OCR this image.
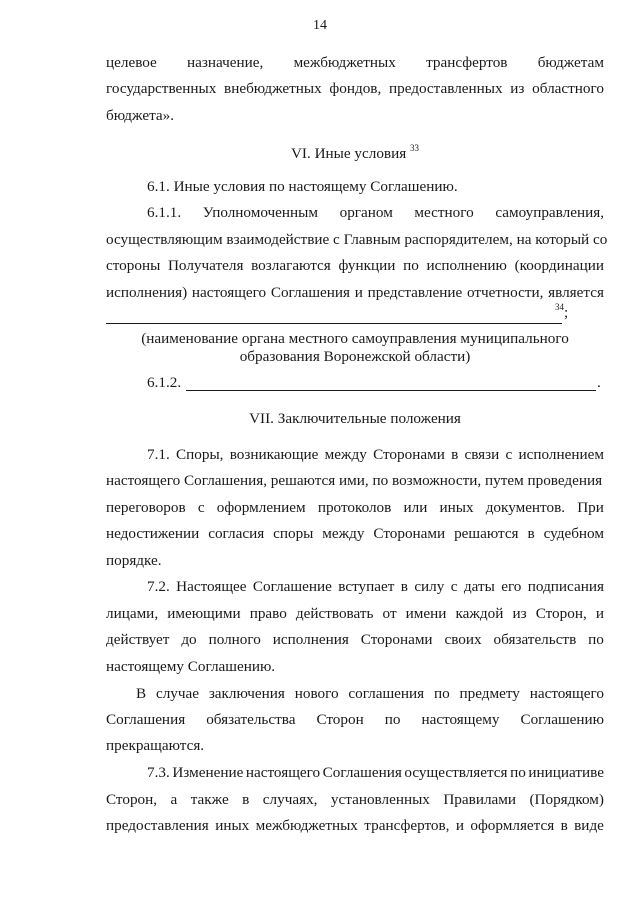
14
целевое назначение, межбюджетных трансфертов бюджетам
государственных внебюджетных фондов, предоставленных из областного
бюджета».
VI. Иные условия $^{33}$
6.1. Иные условия по настоящему Соглашению.
6.1.1. Уполномоченным органом местного самоуправления,
осуществляющим взаимодействие с Главным распорядителем, на который со
стороны Получателя возлагаются функции по исполнению (координации
исполнения) настоящего Соглашения и представление отчетности, является
$^{34}$;
(наименование органа местного самоуправления муниципального
образования Воронежской области)
6.1.2.	.
VII. Заключительные положения
7.1. Споры, возникающие между Сторонами в связи с исполнением
настоящего Соглашения, решаются ими, по возможности, путем проведения
переговоров с оформлением протоколов или иных документов. При
недостижении согласия споры между Сторонами решаются в судебном
порядке.
7.2. Настоящее Соглашение вступает в силу с даты его подписания
лицами, имеющими право действовать от имени каждой из Сторон, и
действует до полного исполнения Сторонами своих обязательств по
настоящему Соглашению.
В случае заключения нового соглашения по предмету настоящего
Соглашения обязательства Сторон по настоящему Соглашению
прекращаются.
7.3. Изменение настоящего Соглашения осуществляется по инициативе
Сторон, а также в случаях, установленных Правилами (Порядком)
предоставления иных межбюджетных трансфертов, и оформляется в виде
